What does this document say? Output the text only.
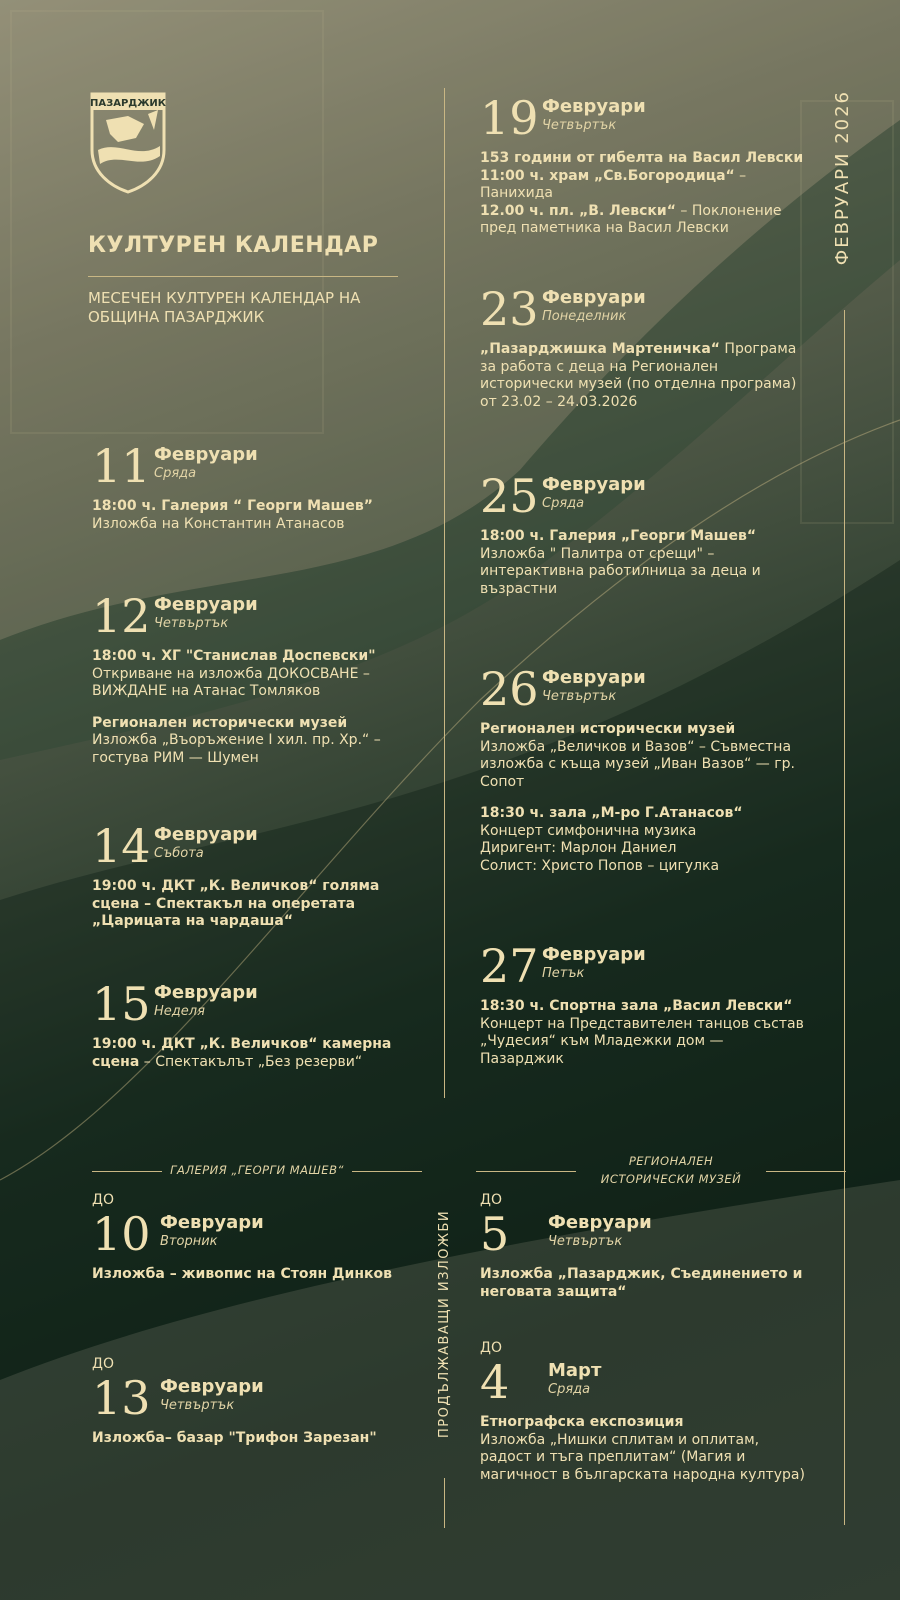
ПАЗАРДЖИК
КУЛТУРЕН КАЛЕНДАР

МЕСЕЧЕН КУЛТУРЕН КАЛЕНДАР НА ОБЩИНА ПАЗАРДЖИК

ФЕВРУАРИ 2026
11 Февруари
Сряда

18:00 ч. Галерия “ Георги Машев”

Изложба на Константин Атанасов

12 Февруари
Четвъртък

18:00 ч. ХГ "Станислав Доспевски"

Откриване на изложба ДОКОСВАНЕ – ВИЖДАНЕ на Атанас Томляков

Регионален исторически музей

Изложба „Въоръжение I хил. пр. Хр.“ – гостува РИМ — Шумен

14 Февруари
Събота

19:00 ч. ДКТ „К. Величков“ голяма сцена – Спектакъл на оперетата „Царицата на чардаша“

15 Февруари
Неделя

19:00 ч. ДКТ „К. Величков“ камерна сцена – Спектакълът „Без резерви“

19 Февруари
Четвъртък

153 години от гибелта на Васил Левски

11:00 ч. храм „Св.Богородица“ – Панихида

12.00 ч. пл. „В. Левски“ – Поклонение пред паметника на Васил Левски

23 Февруари
Понеделник

„Пазарджишка Мартеничка“ Програма за работа с деца на Регионален исторически музей (по отделна програма) от 23.02 – 24.03.2026

25 Февруари
Сряда

18:00 ч. Галерия „Георги Машев“

Изложба " Палитра от срещи" – интерактивна работилница за деца и възрастни

26 Февруари
Четвъртък

Регионален исторически музей

Изложба „Величков и Вазов“ – Съвместна изложба с къща музей „Иван Вазов“ — гр. Сопот

18:30 ч. зала „М-ро Г.Атанасов“

Концерт симфонична музика

Диригент: Марлон Даниел

Солист: Христо Попов – цигулка

27 Февруари
Петък

18:30 ч. Спортна зала „Васил Левски“

Концерт на Представителен танцов състав „Чудесия“ към Младежки дом — Пазарджик

ГАЛЕРИЯ „ГЕОРГИ МАШЕВ“
РЕГИОНАЛЕН
ИСТОРИЧЕСКИ МУЗЕЙ
ПРОДЪЛЖАВАЩИ ИЗЛОЖБИ
ДО
10 Февруари
Вторник

Изложба – живопис на Стоян Динков

ДО
13 Февруари
Четвъртък

Изложба– базар "Трифон Зарезан"

ДО
5 Февруари
Четвъртък

Изложба „Пазарджик, Съединението и неговата защита“

ДО
4 Март
Сряда

Етнографска експозиция

Изложба „Нишки сплитам и оплитам, радост и тъга преплитам“ (Магия и магичност в българската народна култура)
